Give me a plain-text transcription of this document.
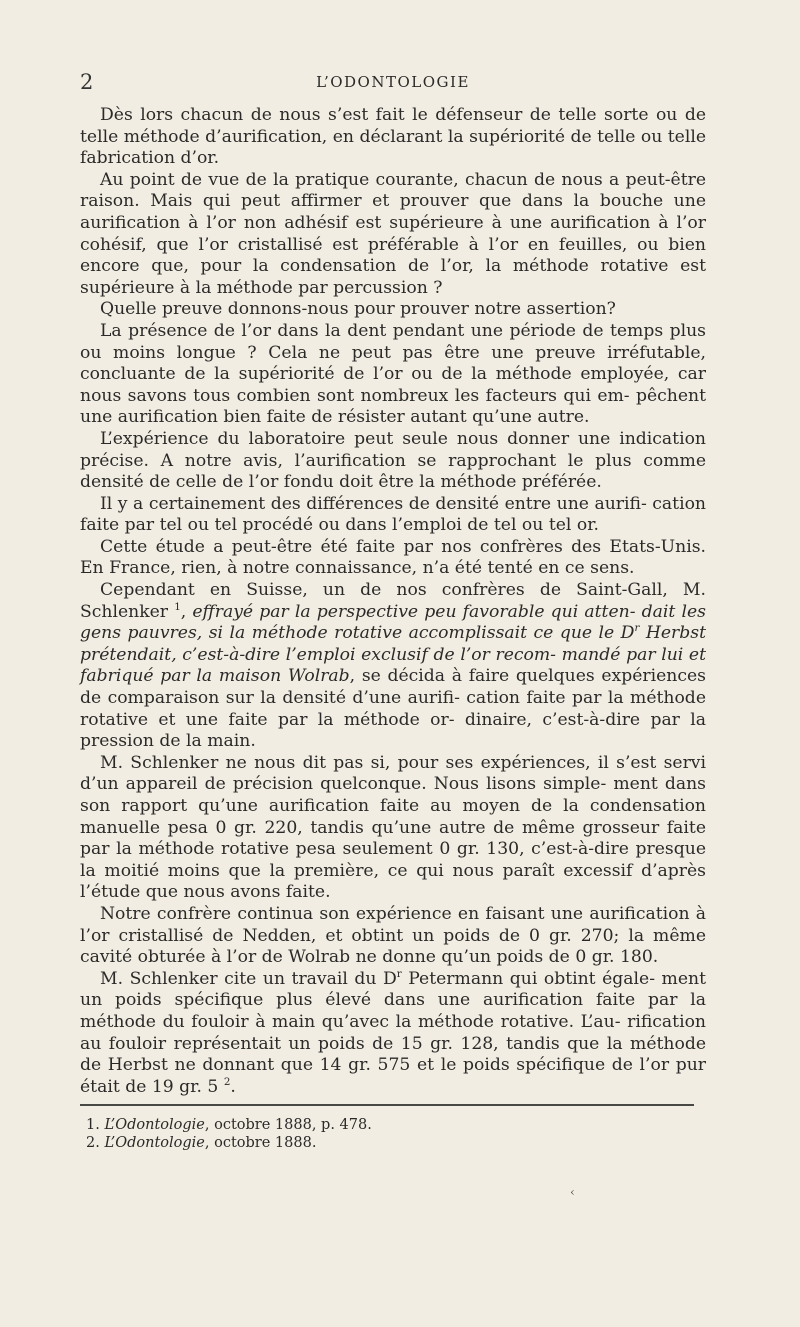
2	L’ODONTOLOGIE

Dès lors chacun de nous s’est fait le défenseur de telle sorte ou de telle méthode d’aurification, en déclarant la supériorité de telle ou telle fabrication d’or.

Au point de vue de la pratique courante, chacun de nous a peut-être raison. Mais qui peut affirmer et prouver que dans la bouche une aurification à l’or non adhésif est supérieure à une aurification à l’or cohésif, que l’or cristallisé est préférable à l’or en feuilles, ou bien encore que, pour la condensation de l’or, la méthode rotative est supérieure à la méthode par percussion ?

Quelle preuve donnons-nous pour prouver notre assertion?

La présence de l’or dans la dent pendant une période de temps plus ou moins longue ? Cela ne peut pas être une preuve irréfutable, concluante de la supériorité de l’or ou de la méthode employée, car nous savons tous combien sont nombreux les facteurs qui em- pêchent une aurification bien faite de résister autant qu’une autre.

L’expérience du laboratoire peut seule nous donner une indication précise. A notre avis, l’aurification se rapprochant le plus comme densité de celle de l’or fondu doit être la méthode préférée.

Il y a certainement des différences de densité entre une aurifi- cation faite par tel ou tel procédé ou dans l’emploi de tel ou tel or.

Cette étude a peut-être été faite par nos confrères des Etats-Unis. En France, rien, à notre connaissance, n’a été tenté en ce sens.

Cependant en Suisse, un de nos confrères de Saint-Gall, M. Schlenker $^1$, effrayé par la perspective peu favorable qui atten- dait les gens pauvres, si la méthode rotative accomplissait ce que le $D^r$ Herbst prétendait, c’est-à-dire l’emploi exclusif de l’or recom- mandé par lui et fabriqué par la maison Wolrab, se décida à faire quelques expériences de comparaison sur la densité d’une aurifi- cation faite par la méthode rotative et une faite par la méthode or- dinaire, c’est-à-dire par la pression de la main.

M. Schlenker ne nous dit pas si, pour ses expériences, il s’est servi d’un appareil de précision quelconque. Nous lisons simple- ment dans son rapport qu’une aurification faite au moyen de la condensation manuelle pesa 0 gr. 220, tandis qu’une autre de même grosseur faite par la méthode rotative pesa seulement 0 gr. 130, c’est-à-dire presque la moitié moins que la première, ce qui nous paraît excessif d’après l’étude que nous avons faite.

Notre confrère continua son expérience en faisant une aurification à l’or cristallisé de Nedden, et obtint un poids de 0 gr. 270; la même cavité obturée à l’or de Wolrab ne donne qu’un poids de 0 gr. 180.

M. Schlenker cite un travail du $D^r$ Petermann qui obtint égale- ment un poids spécifique plus élevé dans une aurification faite par la méthode du fouloir à main qu’avec la méthode rotative. L’au- rification au fouloir représentait un poids de 15 gr. 128, tandis que la méthode de Herbst ne donnant que 14 gr. 575 et le poids spécifique de l’or pur était de 19 gr. 5 $^2$.

1. L’Odontologie, octobre 1888, p. 478.

2. L’Odontologie, octobre 1888.

‹
